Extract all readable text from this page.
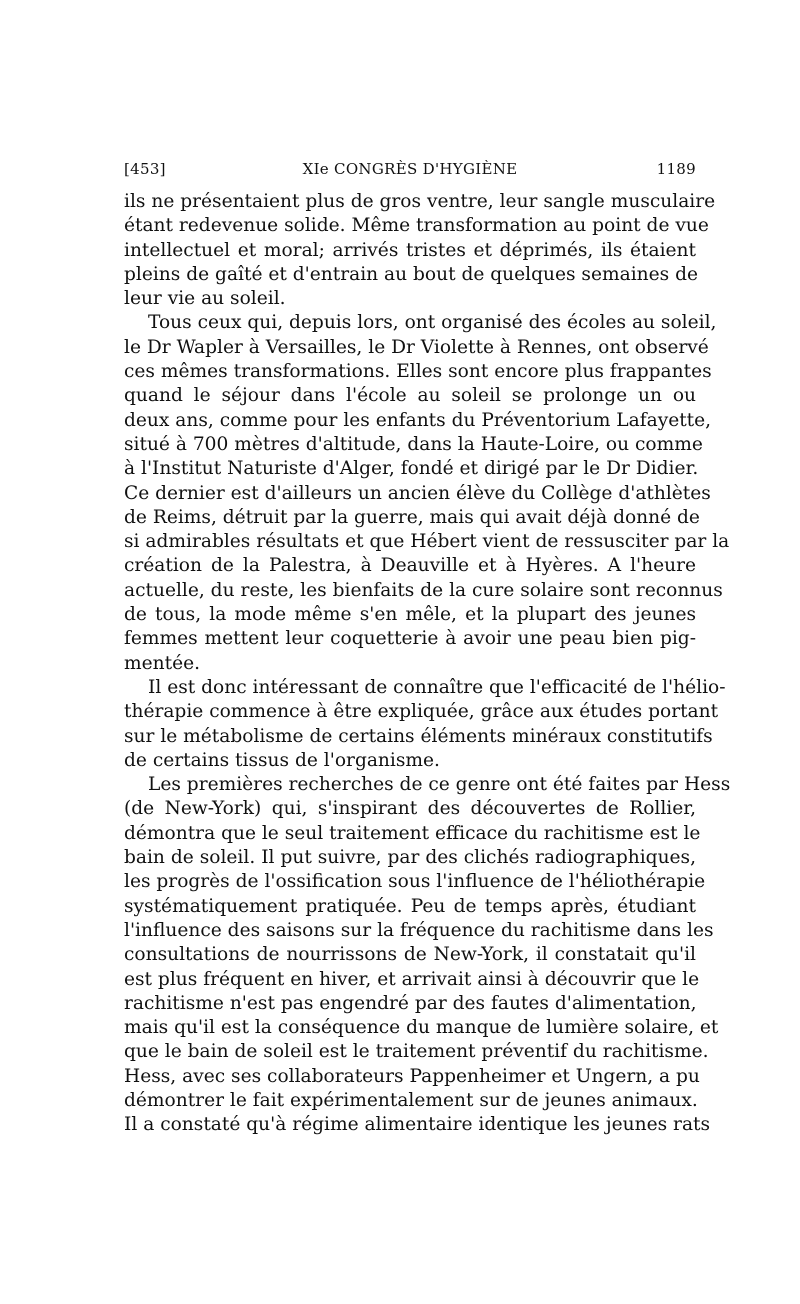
[453]	XIe CONGRÈS D'HYGIÈNE	1189
ils ne présentaient plus de gros ventre, leur sangle musculaire
étant redevenue solide. Même transformation au point de vue
intellectuel et moral; arrivés tristes et déprimés, ils étaient
pleins de gaîté et d'entrain au bout de quelques semaines de
leur vie au soleil.
Tous ceux qui, depuis lors, ont organisé des écoles au soleil,
le Dr Wapler à Versailles, le Dr Violette à Rennes, ont observé
ces mêmes transformations. Elles sont encore plus frappantes
quand le séjour dans l'école au soleil se prolonge un ou
deux ans, comme pour les enfants du Préventorium Lafayette,
situé à 700 mètres d'altitude, dans la Haute-Loire, ou comme
à l'Institut Naturiste d'Alger, fondé et dirigé par le Dr Didier.
Ce dernier est d'ailleurs un ancien élève du Collège d'athlètes
de Reims, détruit par la guerre, mais qui avait déjà donné de
si admirables résultats et que Hébert vient de ressusciter par la
création de la Palestra, à Deauville et à Hyères. A l'heure
actuelle, du reste, les bienfaits de la cure solaire sont reconnus
de tous, la mode même s'en mêle, et la plupart des jeunes
femmes mettent leur coquetterie à avoir une peau bien pig-
mentée.
Il est donc intéressant de connaître que l'efficacité de l'hélio-
thérapie commence à être expliquée, grâce aux études portant
sur le métabolisme de certains éléments minéraux constitutifs
de certains tissus de l'organisme.
Les premières recherches de ce genre ont été faites par Hess
(de New-York) qui, s'inspirant des découvertes de Rollier,
démontra que le seul traitement efficace du rachitisme est le
bain de soleil. Il put suivre, par des clichés radiographiques,
les progrès de l'ossification sous l'influence de l'héliothérapie
systématiquement pratiquée. Peu de temps après, étudiant
l'influence des saisons sur la fréquence du rachitisme dans les
consultations de nourrissons de New-York, il constatait qu'il
est plus fréquent en hiver, et arrivait ainsi à découvrir que le
rachitisme n'est pas engendré par des fautes d'alimentation,
mais qu'il est la conséquence du manque de lumière solaire, et
que le bain de soleil est le traitement préventif du rachitisme.
Hess, avec ses collaborateurs Pappenheimer et Ungern, a pu
démontrer le fait expérimentalement sur de jeunes animaux.
Il a constaté qu'à régime alimentaire identique les jeunes rats
